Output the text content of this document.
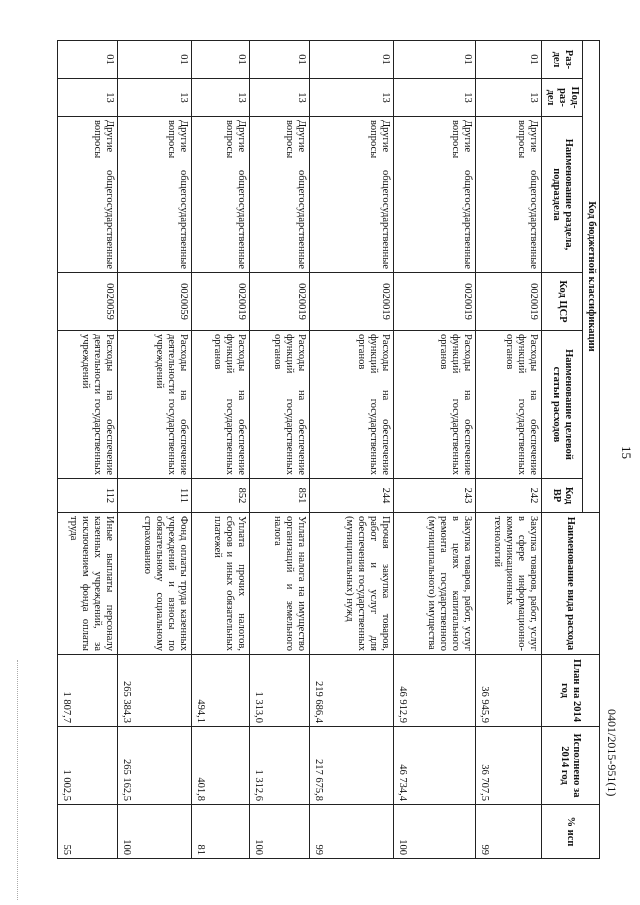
15
0401/2015-951(1)
Код бюджетной классификации						Наименование вида расхода	План на 2014 год	Исполнено за 2014 год	% исп
Раз-дел	Под-раз-дел	Наименование раздела, подраздела	Код ЦСР	Наименование целевой статьи расходов	Код ВР				
01	13	Другие общегосударственные вопросы	0020019	Расходы на обеспечение функций государственных органов	242	Закупка товаров, работ, услуг в сфере информационно-коммуникационных технологий	36 945,9	36 707,5	99
01	13	Другие общегосударственные вопросы	0020019	Расходы на обеспечение функций государственных органов	243	Закупка товаров, работ, услуг в целях капитального ремонта государственного (муниципального) имущества	46 912,9	46 734,4	100
01	13	Другие общегосударственные вопросы	0020019	Расходы на обеспечение функций государственных органов	244	Прочая закупка товаров, работ и услуг для обеспечения государственных (муниципальных) нужд	219 686,4	217 675,8	99
01	13	Другие общегосударственные вопросы	0020019	Расходы на обеспечение функций государственных органов	851	Уплата налога на имущество организаций и земельного налога	1 313,0	1 312,6	100
01	13	Другие общегосударственные вопросы	0020019	Расходы на обеспечение функций государственных органов	852	Уплата прочих налогов, сборов и иных обязательных платежей	494,1	401,8	81
01	13	Другие общегосударственные вопросы	0020059	Расходы на обеспечение деятельности государственных учреждений	111	Фонд оплаты труда казенных учреждений и взносы по обязательному социальному страхованию	265 384,3	265 162,5	100
01	13	Другие общегосударственные вопросы	0020059	Расходы на обеспечение деятельности государственных учреждений	112	Иные выплаты персоналу казенных учреждений, за исключением фонда оплаты труда	1 807,7	1 002,5	55
